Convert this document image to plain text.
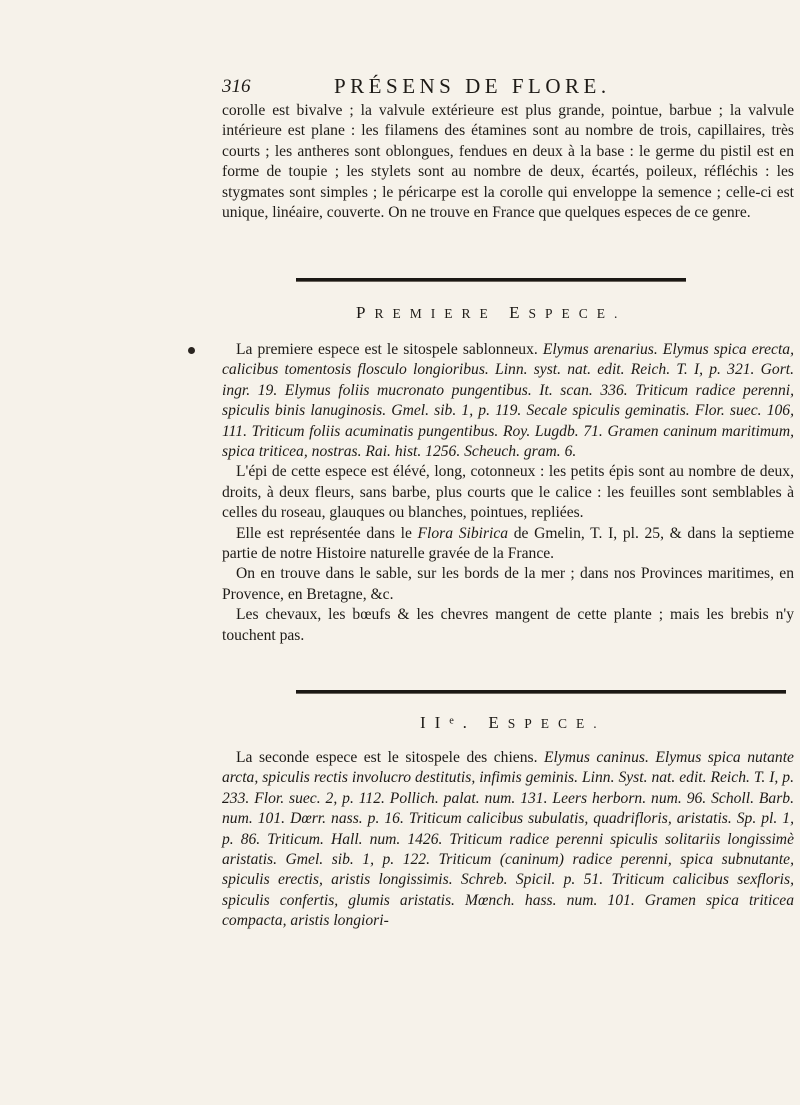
316	PRÉSENS DE FLORE.

corolle est bivalve ; la valvule extérieure est plus grande, pointue, barbue ; la valvule intérieure est plane : les filamens des étamines sont au nombre de trois, capillaires, très courts ; les antheres sont oblongues, fendues en deux à la base : le germe du pistil est en forme de toupie ; les stylets sont au nombre de deux, écartés, poileux, réfléchis : les stygmates sont simples ; le péricarpe est la corolle qui enveloppe la semence ; celle-ci est unique, linéaire, couverte. On ne trouve en France que quelques especes de ce genre.

PREMIERE ESPECE.

La premiere espece est le sitospele sablonneux. Elymus arenarius. Elymus spica erecta, calicibus tomentosis flosculo longioribus. Linn. syst. nat. edit. Reich. T. I, p. 321. Gort. ingr. 19. Elymus foliis mucronato pungentibus. It. scan. 336. Triticum radice perenni, spiculis binis lanuginosis. Gmel. sib. 1, p. 119. Secale spiculis geminatis. Flor. suec. 106, 111. Triticum foliis acuminatis pungentibus. Roy. Lugdb. 71. Gramen caninum maritimum, spica triticea, nostras. Rai. hist. 1256. Scheuch. gram. 6.

L'épi de cette espece est élévé, long, cotonneux : les petits épis sont au nombre de deux, droits, à deux fleurs, sans barbe, plus courts que le calice : les feuilles sont semblables à celles du roseau, glauques ou blanches, pointues, repliées.

Elle est représentée dans le Flora Sibirica de Gmelin, T. I, pl. 25, & dans la septieme partie de notre Histoire naturelle gravée de la France.

On en trouve dans le sable, sur les bords de la mer ; dans nos Provinces maritimes, en Provence, en Bretagne, &c.

Les chevaux, les bœufs & les chevres mangent de cette plante ; mais les brebis n'y touchent pas.

IIᵉ. ESPECE.

La seconde espece est le sitospele des chiens. Elymus caninus. Elymus spica nutante arcta, spiculis rectis involucro destitutis, infimis geminis. Linn. Syst. nat. edit. Reich. T. I, p. 233. Flor. suec. 2, p. 112. Pollich. palat. num. 131. Leers herborn. num. 96. Scholl. Barb. num. 101. Dœrr. nass. p. 16. Triticum calicibus subulatis, quadrifloris, aristatis. Sp. pl. 1, p. 86. Triticum. Hall. num. 1426. Triticum radice perenni spiculis solitariis longissimè aristatis. Gmel. sib. 1, p. 122. Triticum (caninum) radice perenni, spica subnutante, spiculis erectis, aristis longissimis. Schreb. Spicil. p. 51. Triticum calicibus sexfloris, spiculis confertis, glumis aristatis. Mœnch. hass. num. 101. Gramen spica triticea compacta, aristis longiori-
